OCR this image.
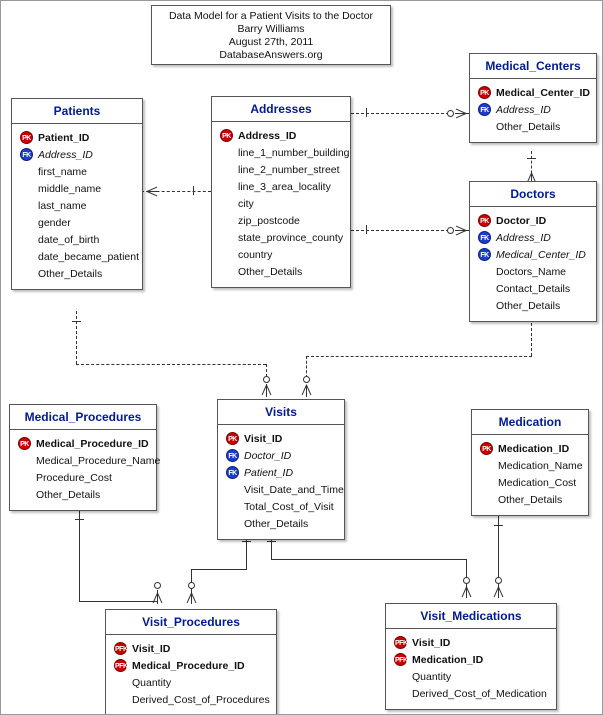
Data Model for a Patient Visits to the Doctor
Barry Williams
August 27th, 2011
DatabaseAnswers.org
Medical_Centers
PK Medical_Center_ID
FK Address_ID
Other_Details
Patients
PK Patient_ID
FK Address_ID
first_name
middle_name
last_name
gender
date_of_birth
date_became_patient
Other_Details
Addresses
PK Address_ID
line_1_number_building
line_2_number_street
line_3_area_locality
city
zip_postcode
state_province_county
country
Other_Details
Doctors
PK Doctor_ID
FK Address_ID
FK Medical_Center_ID
Doctors_Name
Contact_Details
Other_Details
Medical_Procedures
PK Medical_Procedure_ID
Medical_Procedure_Name
Procedure_Cost
Other_Details
Visits
PK Visit_ID
FK Doctor_ID
FK Patient_ID
Visit_Date_and_Time
Total_Cost_of_Visit
Other_Details
Medication
PK Medication_ID
Medication_Name
Medication_Cost
Other_Details
Visit_Procedures
PFK Visit_ID
PFK Medical_Procedure_ID
Quantity
Derived_Cost_of_Procedures
Visit_Medications
PFK Visit_ID
PFK Medication_ID
Quantity
Derived_Cost_of_Medication
